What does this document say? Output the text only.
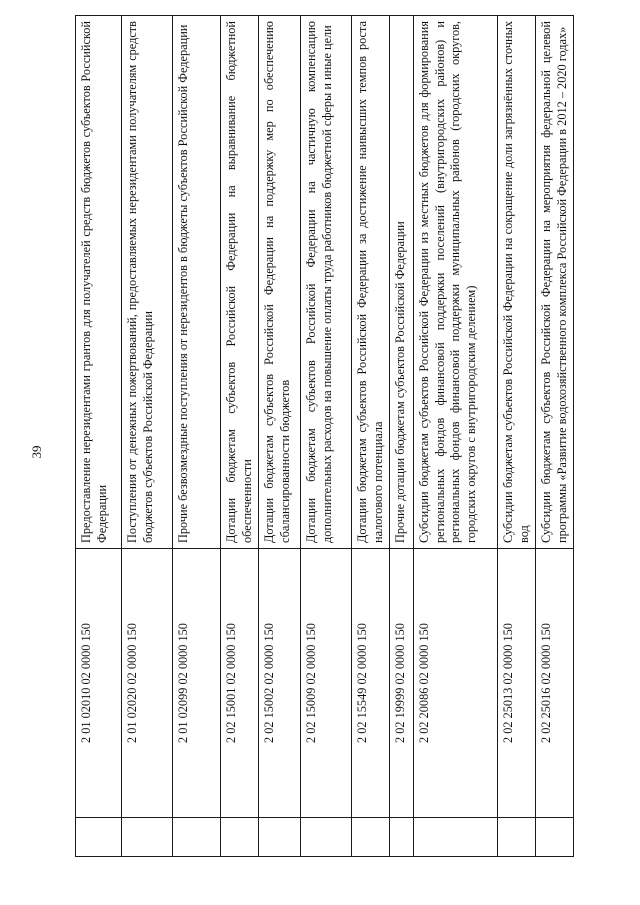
39
	2 01 02010 02 0000 150	Предоставление нерезидентами грантов для получателей средств бюджетов субъектов Российской Федерации
	2 01 02020 02 0000 150	Поступления от денежных пожертвований, предоставляемых нерезидентами получателям средств бюджетов субъектов Российской Федерации
	2 01 02099 02 0000 150	Прочие безвозмездные поступления от нерезидентов в бюджеты субъектов Российской Федерации
	2 02 15001 02 0000 150	Дотации бюджетам субъектов Российской Федерации на выравнивание бюджетной обеспеченности
	2 02 15002 02 0000 150	Дотации бюджетам субъектов Российской Федерации на поддержку мер по обеспечению сбалансированности бюджетов
	2 02 15009 02 0000 150	Дотации бюджетам субъектов Российской Федерации на частичную компенсацию дополнительных расходов на повышение оплаты труда работников бюджетной сферы и иные цели
	2 02 15549 02 0000 150	Дотации бюджетам субъектов Российской Федерации за достижение наивысших темпов роста налогового потенциала
	2 02 19999 02 0000 150	Прочие дотации бюджетам субъектов Российской Федерации
	2 02 20086 02 0000 150	Субсидии бюджетам субъектов Российской Федерации из местных бюджетов для формирования региональных фондов финансовой поддержки поселений (внутригородских районов) и региональных фондов финансовой поддержки муниципальных районов (городских округов, городских округов с внутригородским делением)
	2 02 25013 02 0000 150	Субсидии бюджетам субъектов Российской Федерации на сокращение доли загрязнённых сточных вод
	2 02 25016 02 0000 150	Субсидии бюджетам субъектов Российской Федерации на мероприятия федеральной целевой программы «Развитие водохозяйственного комплекса Российской Федерации в 2012 – 2020 годах»
